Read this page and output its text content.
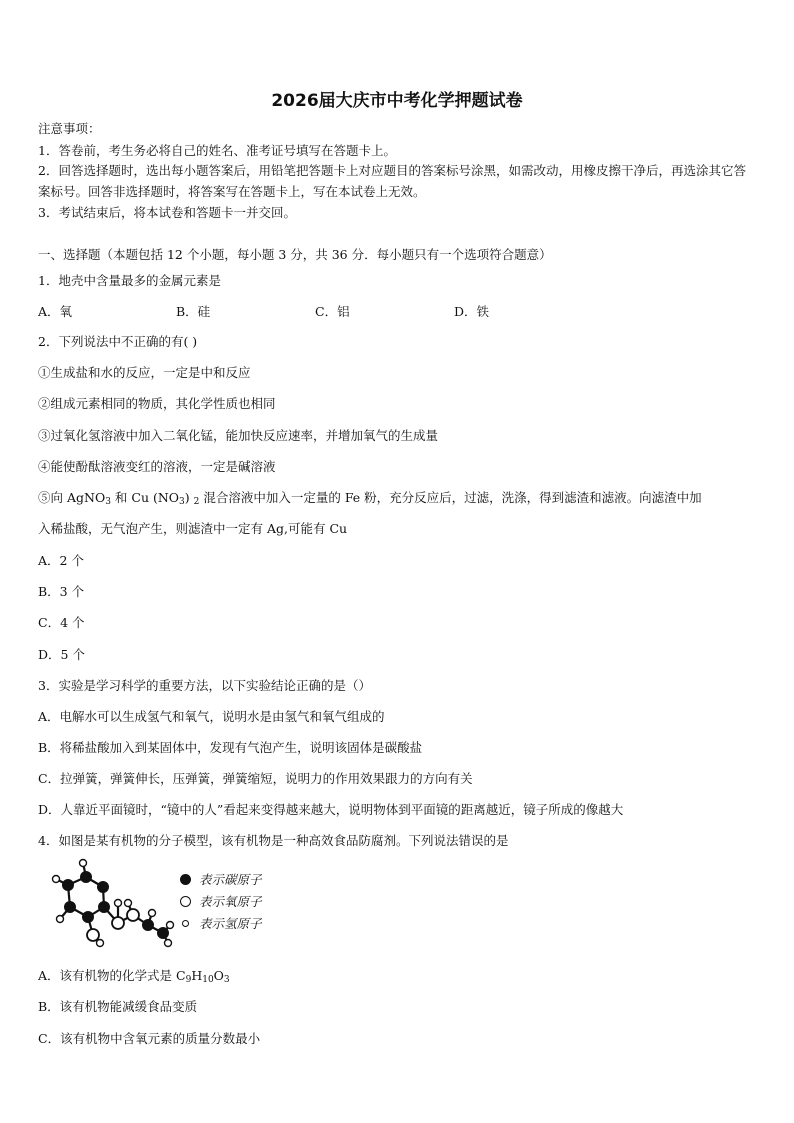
2026届大庆市中考化学押题试卷
注意事项：
1．答卷前，考生务必将自己的姓名、准考证号填写在答题卡上。
2．回答选择题时，选出每小题答案后，用铅笔把答题卡上对应题目的答案标号涂黑，如需改动，用橡皮擦干净后，再选涂其它答案标号。回答非选择题时，将答案写在答题卡上，写在本试卷上无效。
3．考试结束后，将本试卷和答题卡一并交回。
一、选择题（本题包括 12 个小题，每小题 3 分，共 36 分．每小题只有一个选项符合题意）
1．地壳中含量最多的金属元素是
A．氧	B．硅	C．铝	D．铁
2．下列说法中不正确的有( )
①生成盐和水的反应，一定是中和反应
②组成元素相同的物质，其化学性质也相同
③过氧化氢溶液中加入二氧化锰，能加快反应速率，并增加氧气的生成量
④能使酚酞溶液变红的溶液，一定是碱溶液
⑤向 AgNO$_3$ 和 Cu $(NO_3)$ $_2$ 混合溶液中加入一定量的 Fe 粉，充分反应后，过滤，洗涤，得到滤渣和滤液。向滤渣中加
入稀盐酸，无气泡产生，则滤渣中一定有 Ag,可能有 Cu
A．2 个
B．3 个
C．4 个
D．5 个
3．实验是学习科学的重要方法，以下实验结论正确的是（）
A．电解水可以生成氢气和氧气，说明水是由氢气和氧气组成的
B．将稀盐酸加入到某固体中，发现有气泡产生，说明该固体是碳酸盐
C．拉弹簧，弹簧伸长，压弹簧，弹簧缩短，说明力的作用效果跟力的方向有关
D．人靠近平面镜时，“镜中的人”看起来变得越来越大，说明物体到平面镜的距离越近，镜子所成的像越大
4．如图是某有机物的分子模型，该有机物是一种高效食品防腐剂。下列说法错误的是
表示碳原子
表示氧原子
表示氢原子
A．该有机物的化学式是 $C_9H_{10}O_3$
B．该有机物能减缓食品变质
C．该有机物中含氧元素的质量分数最小
